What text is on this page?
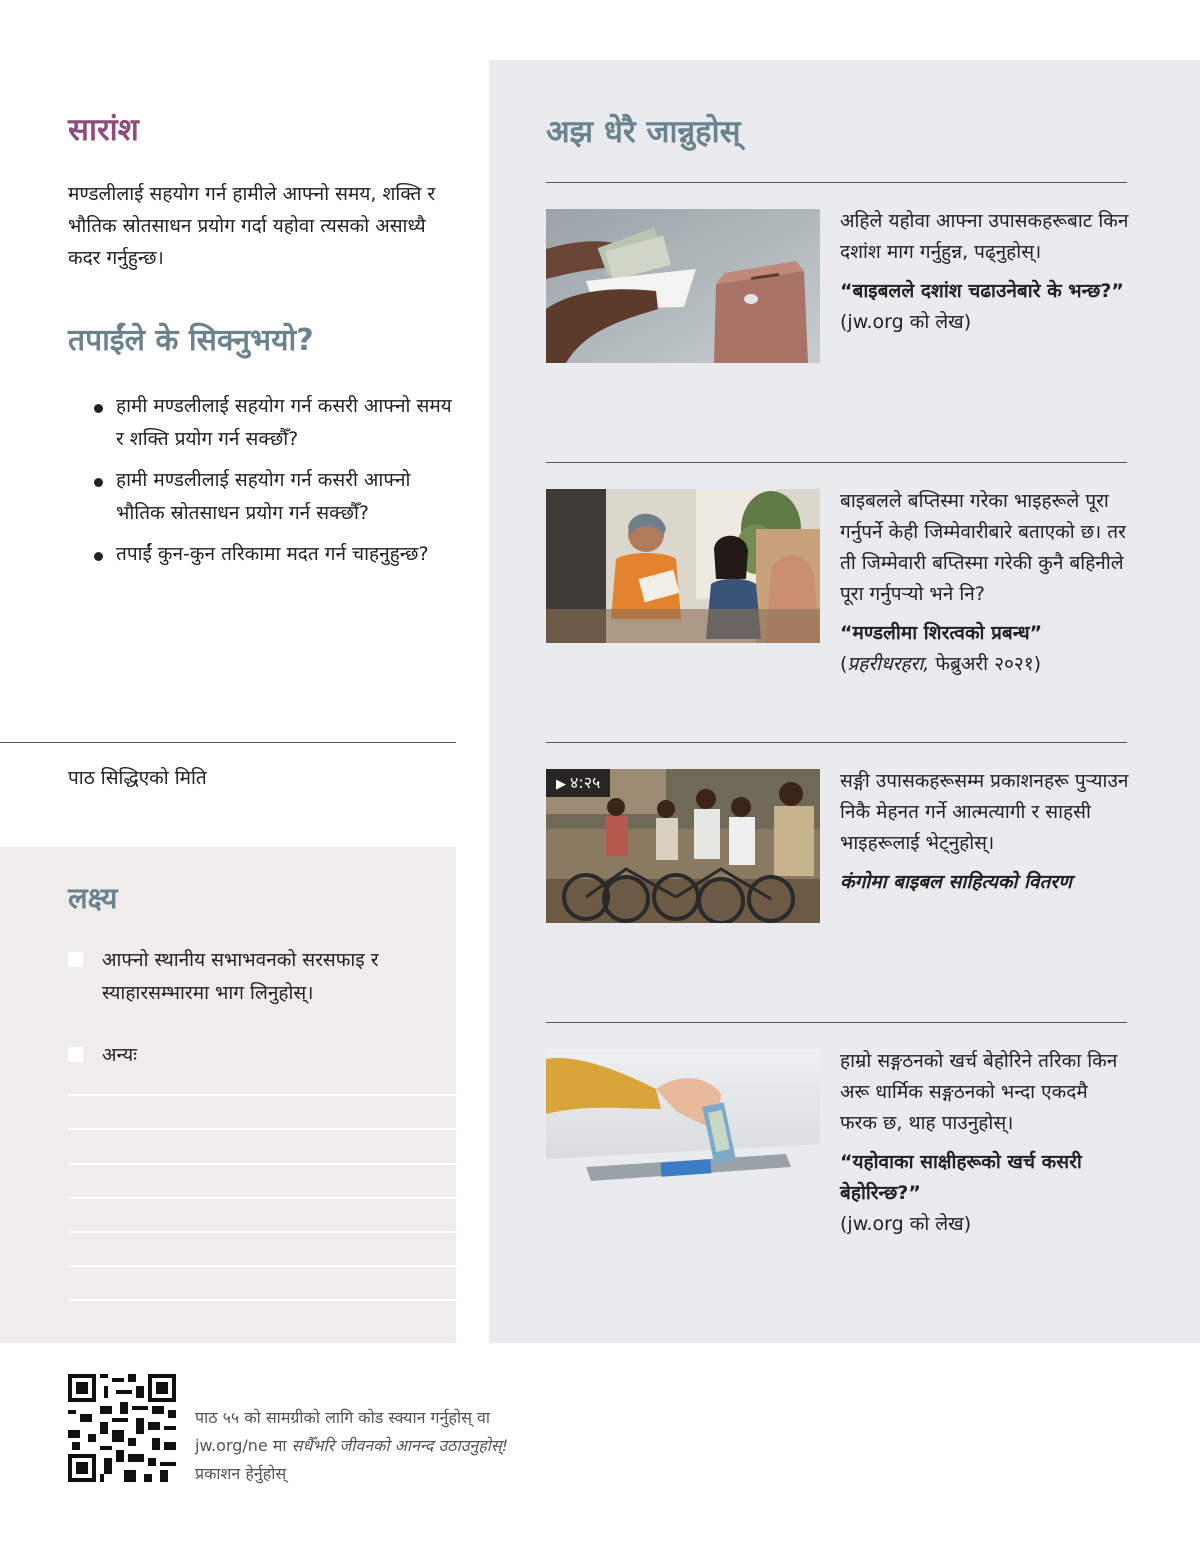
सारांश

मण्डलीलाई सहयोग गर्न हामीले आफ्नो समय, शक्ति र भौतिक स्रोतसाधन प्रयोग गर्दा यहोवा त्यसको असाध्यै कदर गर्नुहुन्छ।

तपाईंले के सिक्नुभयो?
हामी मण्डलीलाई सहयोग गर्न कसरी आफ्नो समय र शक्ति प्रयोग गर्न सक्छौँ?
हामी मण्डलीलाई सहयोग गर्न कसरी आफ्नो भौतिक स्रोतसाधन प्रयोग गर्न सक्छौँ?
तपाईं कुन-कुन तरिकामा मदत गर्न चाहनुहुन्छ?
पाठ सिद्धिएको मिति
लक्ष्य
आफ्नो स्थानीय सभाभवनको सरसफाइ र स्याहारसम्भारमा भाग लिनुहोस्।
अन्यः
अझ धेरै जान्नुहोस्
अहिले यहोवा आफ्ना उपासकहरूबाट किन दशांश माग गर्नुहुन्न, पढ्नुहोस्।
“बाइबलले दशांश चढाउनेबारे के भन्छ?” (jw.org को लेख)
बाइबलले बप्तिस्मा गरेका भाइहरूले पूरा गर्नुपर्ने केही जिम्मेवारीबारे बताएको छ। तर ती जिम्मेवारी बप्तिस्मा गरेकी कुनै बहिनीले पूरा गर्नुपर्‍यो भने नि?
“मण्डलीमा शिरत्वको प्रबन्ध”
(प्रहरीधरहरा, फेब्रुअरी २०२१)
▶ ४:२५	सङ्गी उपासकहरूसम्म प्रकाशनहरू पुऱ्याउन निकै मेहनत गर्ने आत्मत्यागी र साहसी भाइहरूलाई भेट्नुहोस्।
कंगोमा बाइबल साहित्यको वितरण
हाम्रो सङ्गठनको खर्च बेहोरिने तरिका किन अरू धार्मिक सङ्गठनको भन्दा एकदमै फरक छ, थाह पाउनुहोस्।
“यहोवाका साक्षीहरूको खर्च कसरी बेहोरिन्छ?”
(jw.org को लेख)
पाठ ५५ को सामग्रीको लागि कोड स्क्यान गर्नुहोस् वा
jw.org/ne मा सधैँभरि जीवनको आनन्द उठाउनुहोस्!
प्रकाशन हेर्नुहोस्
